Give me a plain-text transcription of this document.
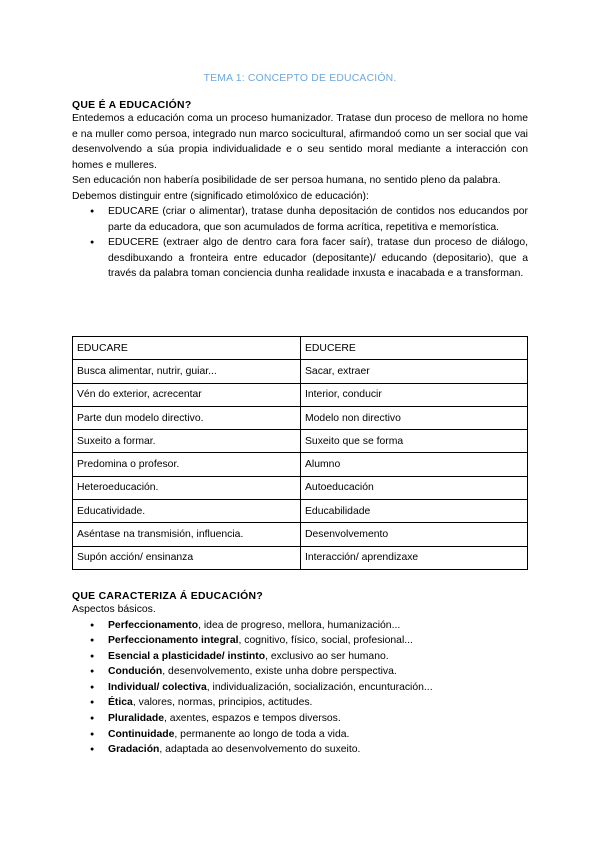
TEMA 1: CONCEPTO DE EDUCACIÓN.
QUE É A EDUCACIÓN?

Entedemos a educación coma un proceso humanizador. Tratase dun proceso de mellora no home e na muller como persoa, integrado nun marco socicultural, afirmandoó como un ser social que vai desenvolvendo a súa propia individualidade e o seu sentido moral mediante a interacción con homes e mulleres.

Sen educación non habería posibilidade de ser persoa humana, no sentido pleno da palabra.

Debemos distinguir entre (significado etimolóxico de educación):

● EDUCARE (criar o alimentar), tratase dunha depositación de contidos nos educandos por parte da educadora, que son acumulados de forma acrítica, repetitiva e memorística.
● EDUCERE (extraer algo de dentro cara fora facer saír), tratase dun proceso de diálogo, desdibuxando a fronteira entre educador (depositante)/ educando (depositario), que a través da palabra toman conciencia dunha realidade inxusta e inacabada e a transforman.
EDUCARE	EDUCERE
Busca alimentar, nutrir, guiar...	Sacar, extraer
Vén do exterior, acrecentar	Interior, conducir
Parte dun modelo directivo.	Modelo non directivo
Suxeito a formar.	Suxeito que se forma
Predomina o profesor.	Alumno
Heteroeducación.	Autoeducación
Educatividade.	Educabilidade
Aséntase na transmisión, influencia.	Desenvolvemento
Supón acción/ ensinanza	Interacción/ aprendizaxe
QUE CARACTERIZA Á EDUCACIÓN?

Aspectos básicos.

● Perfeccionamento, idea de progreso, mellora, humanización...
● Perfeccionamento integral, cognitivo, físico, social, profesional...
● Esencial a plasticidade/ instinto, exclusivo ao ser humano.
● Condución, desenvolvemento, existe unha dobre perspectiva.
● Individual/ colectiva, individualización, socialización, encunturación...
● Ética, valores, normas, principios, actitudes.
● Pluralidade, axentes, espazos e tempos diversos.
● Continuidade, permanente ao longo de toda a vida.
● Gradación, adaptada ao desenvolvemento do suxeito.
